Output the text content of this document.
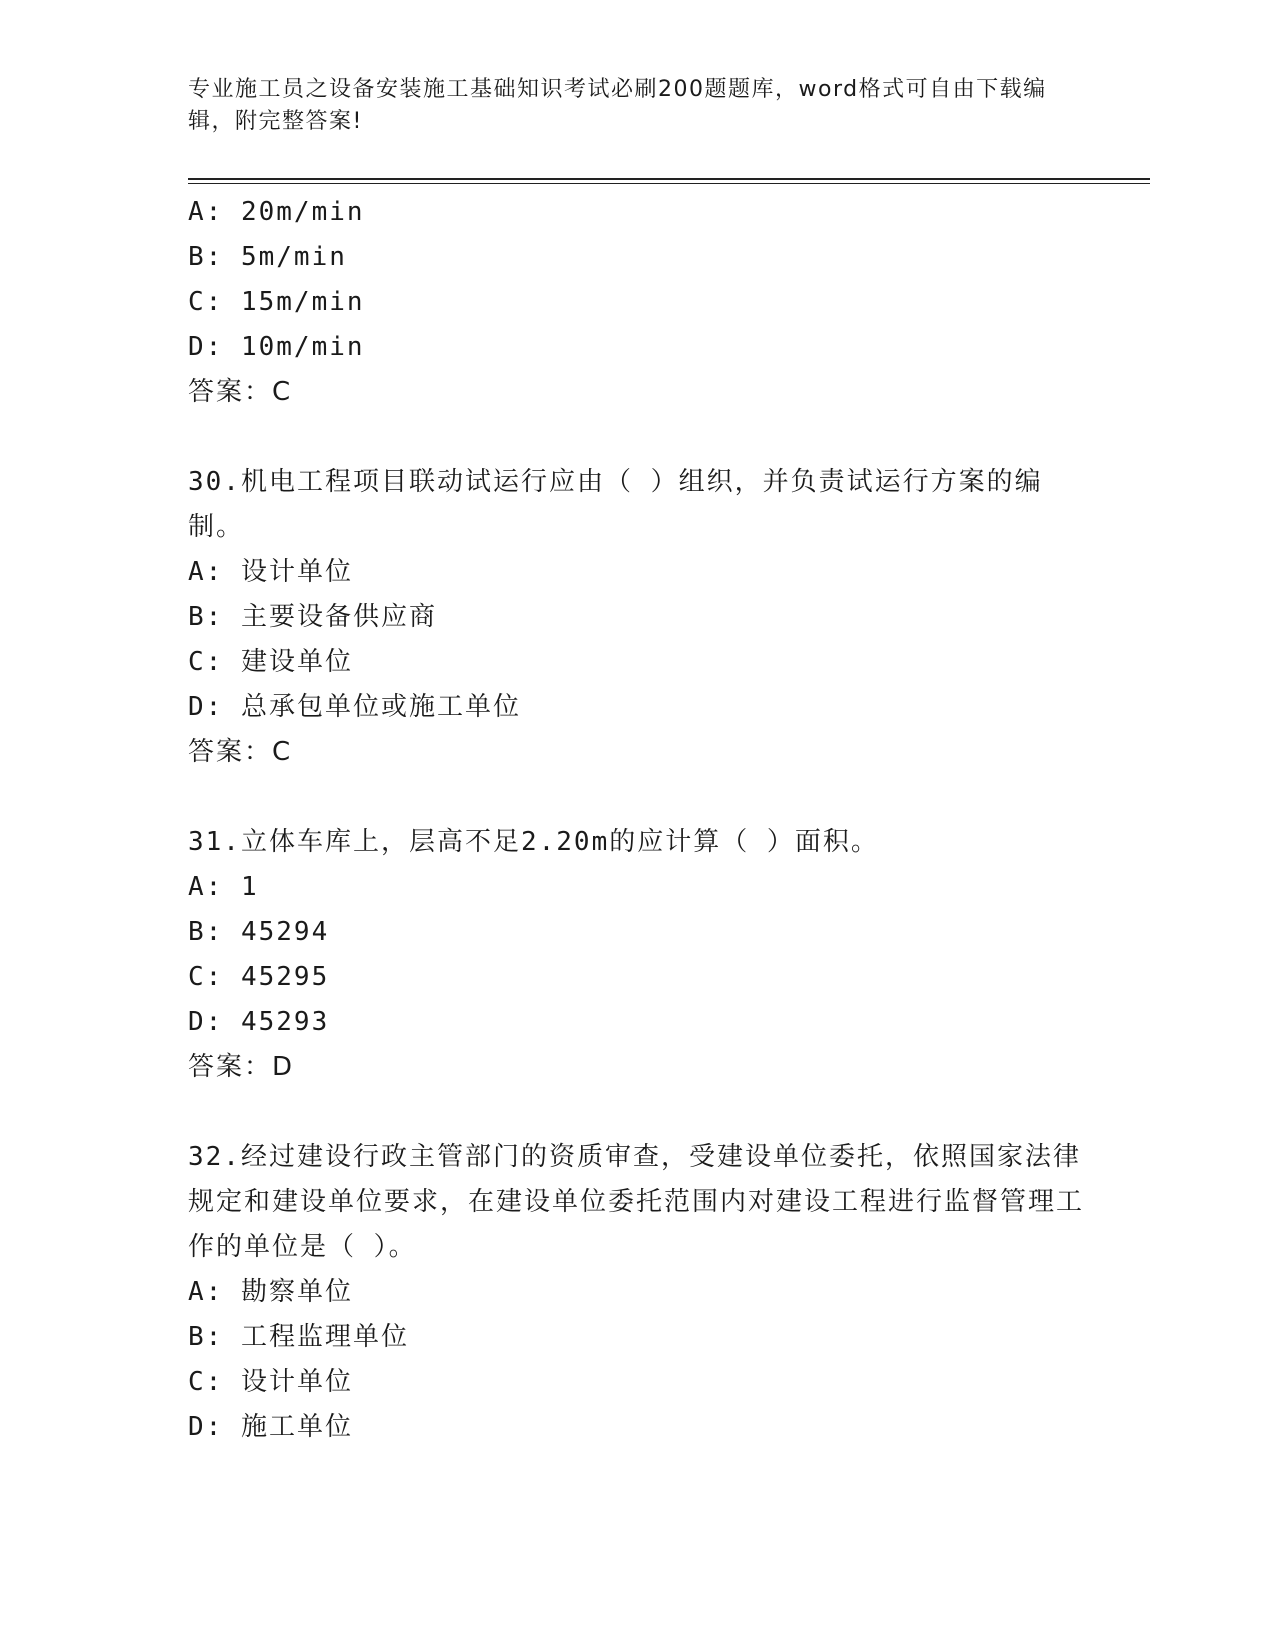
专业施工员之设备安装施工基础知识考试必刷200题题库，word格式可自由下载编辑，附完整答案!
A: 20m/min
B: 5m/min
C: 15m/min
D: 10m/min
答案：C
30.机电工程项目联动试运行应由（ ）组织，并负责试运行方案的编制。
A: 设计单位
B: 主要设备供应商
C: 建设单位
D: 总承包单位或施工单位
答案：C
31.立体车库上，层高不足2.20m的应计算（ ）面积。
A: 1
B: 45294
C: 45295
D: 45293
答案：D
32.经过建设行政主管部门的资质审查，受建设单位委托，依照国家法律规定和建设单位要求，在建设单位委托范围内对建设工程进行监督管理工作的单位是（ ）。
A: 勘察单位
B: 工程监理单位
C: 设计单位
D: 施工单位
